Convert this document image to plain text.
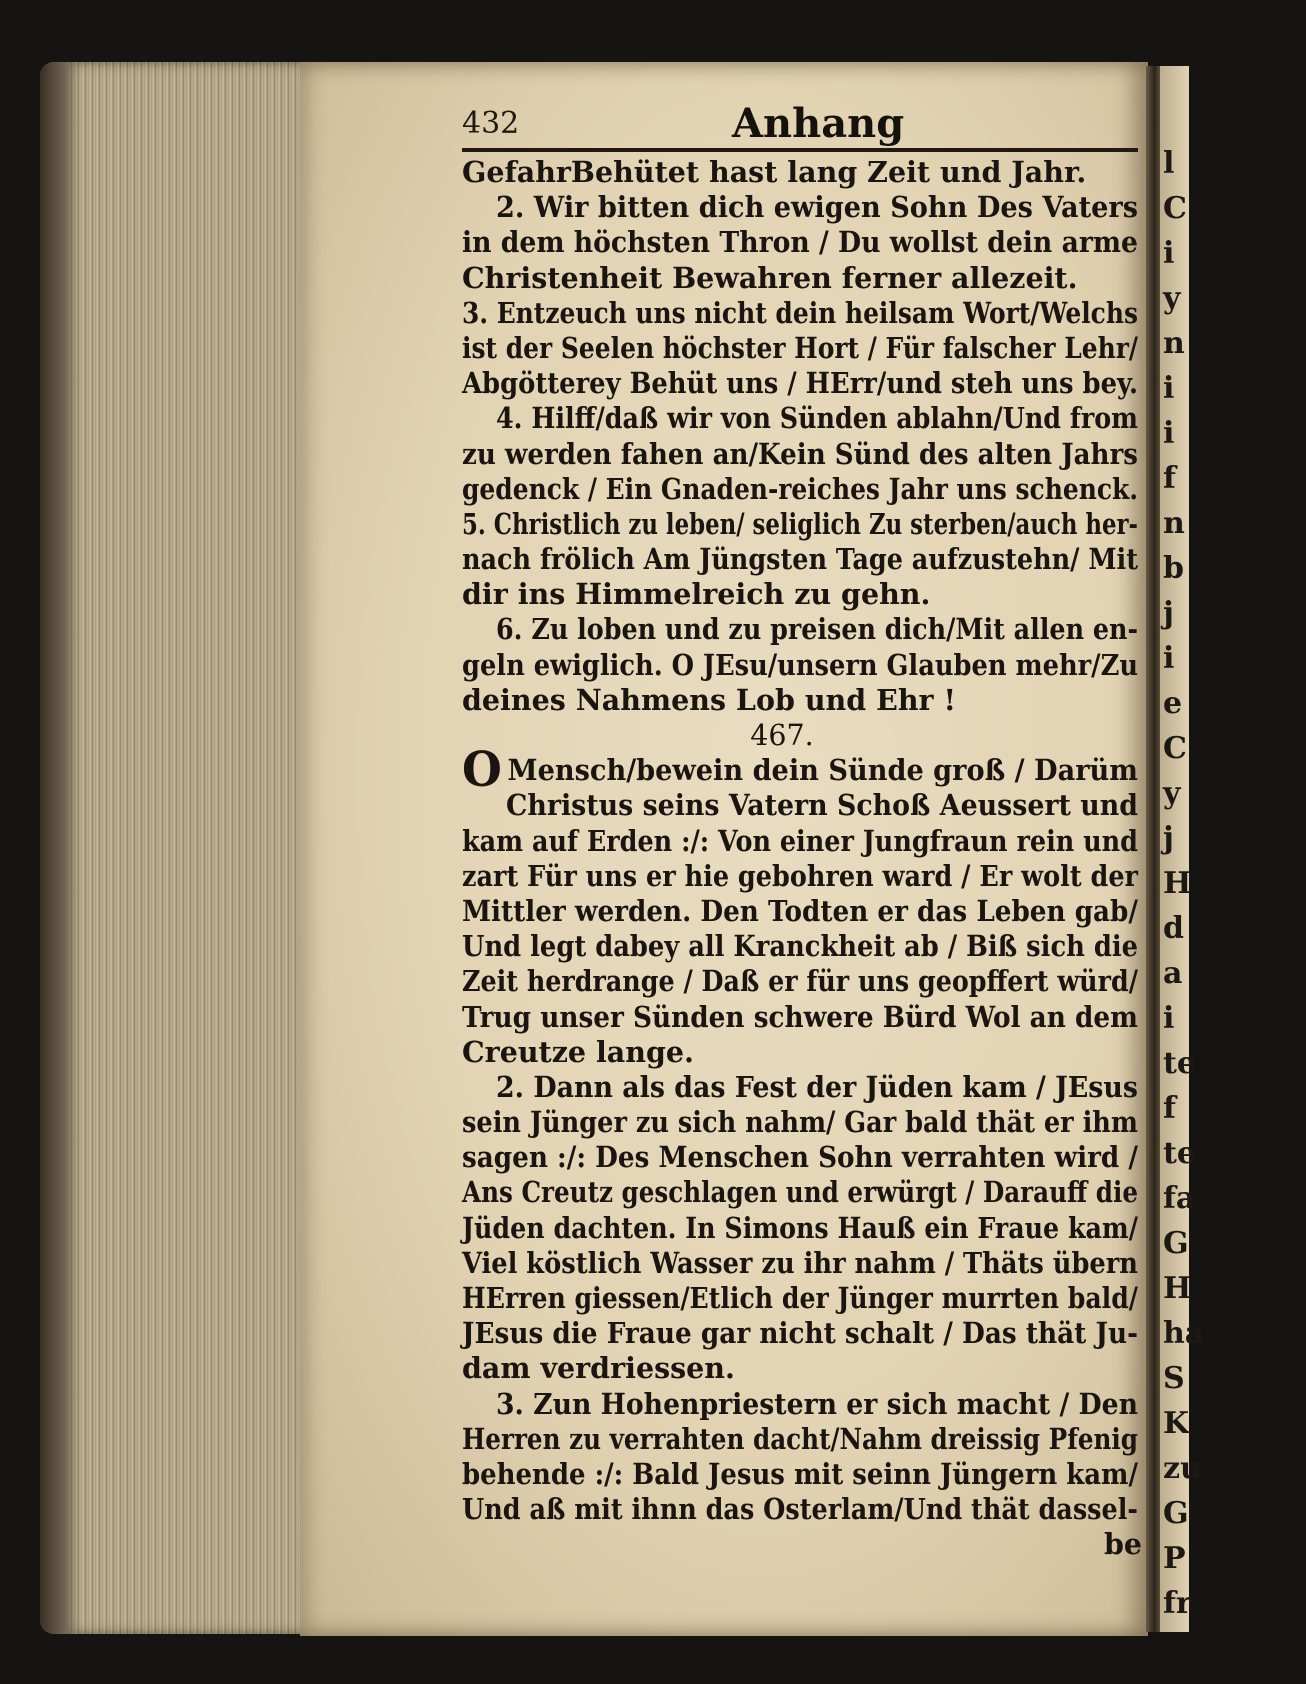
l
C
i
y
n
i
i
f
n
b
j
i
e
C
y
j
H
d
a
i
te
f
te
fa
G
H
ha
S
K
zu
G
P
fr
432	Anhang
GefahrBehütet hast lang Zeit und Jahr.
2. Wir bitten dich ewigen Sohn Des Vaters
in dem höchsten Thron / Du wollst dein arme
Christenheit Bewahren ferner allezeit.
3. Entzeuch uns nicht dein heilsam Wort/Welchs
ist der Seelen höchster Hort / Für falscher Lehr/
Abgötterey Behüt uns / HErr/und steh uns bey.
4. Hilff/daß wir von Sünden ablahn/Und from
zu werden fahen an/Kein Sünd des alten Jahrs
gedenck / Ein Gnaden-reiches Jahr uns schenck.
5. Christlich zu leben/ seliglich Zu sterben/auch her-
nach frölich Am Jüngsten Tage aufzustehn/ Mit
dir ins Himmelreich zu gehn.
6. Zu loben und zu preisen dich/Mit allen en-
geln ewiglich. O JEsu/unsern Glauben mehr/Zu
deines Nahmens Lob und Ehr !
467.
O Mensch/bewein dein Sünde groß / Darüm
Christus seins Vatern Schoß Aeussert und
kam auf Erden :/: Von einer Jungfraun rein und
zart Für uns er hie gebohren ward / Er wolt der
Mittler werden. Den Todten er das Leben gab/
Und legt dabey all Kranckheit ab / Biß sich die
Zeit herdrange / Daß er für uns geopffert würd/
Trug unser Sünden schwere Bürd Wol an dem
Creutze lange.
2. Dann als das Fest der Jüden kam / JEsus
sein Jünger zu sich nahm/ Gar bald thät er ihm
sagen :/: Des Menschen Sohn verrahten wird /
Ans Creutz geschlagen und erwürgt / Darauff die
Jüden dachten. In Simons Hauß ein Fraue kam/
Viel köstlich Wasser zu ihr nahm / Thäts übern
HErren giessen/Etlich der Jünger murrten bald/
JEsus die Fraue gar nicht schalt / Das thät Ju-
dam verdriessen.
3. Zun Hohenpriestern er sich macht / Den
Herren zu verrahten dacht/Nahm dreissig Pfenig
behende :/: Bald Jesus mit seinn Jüngern kam/
Und aß mit ihnn das Osterlam/Und thät dassel-
be
